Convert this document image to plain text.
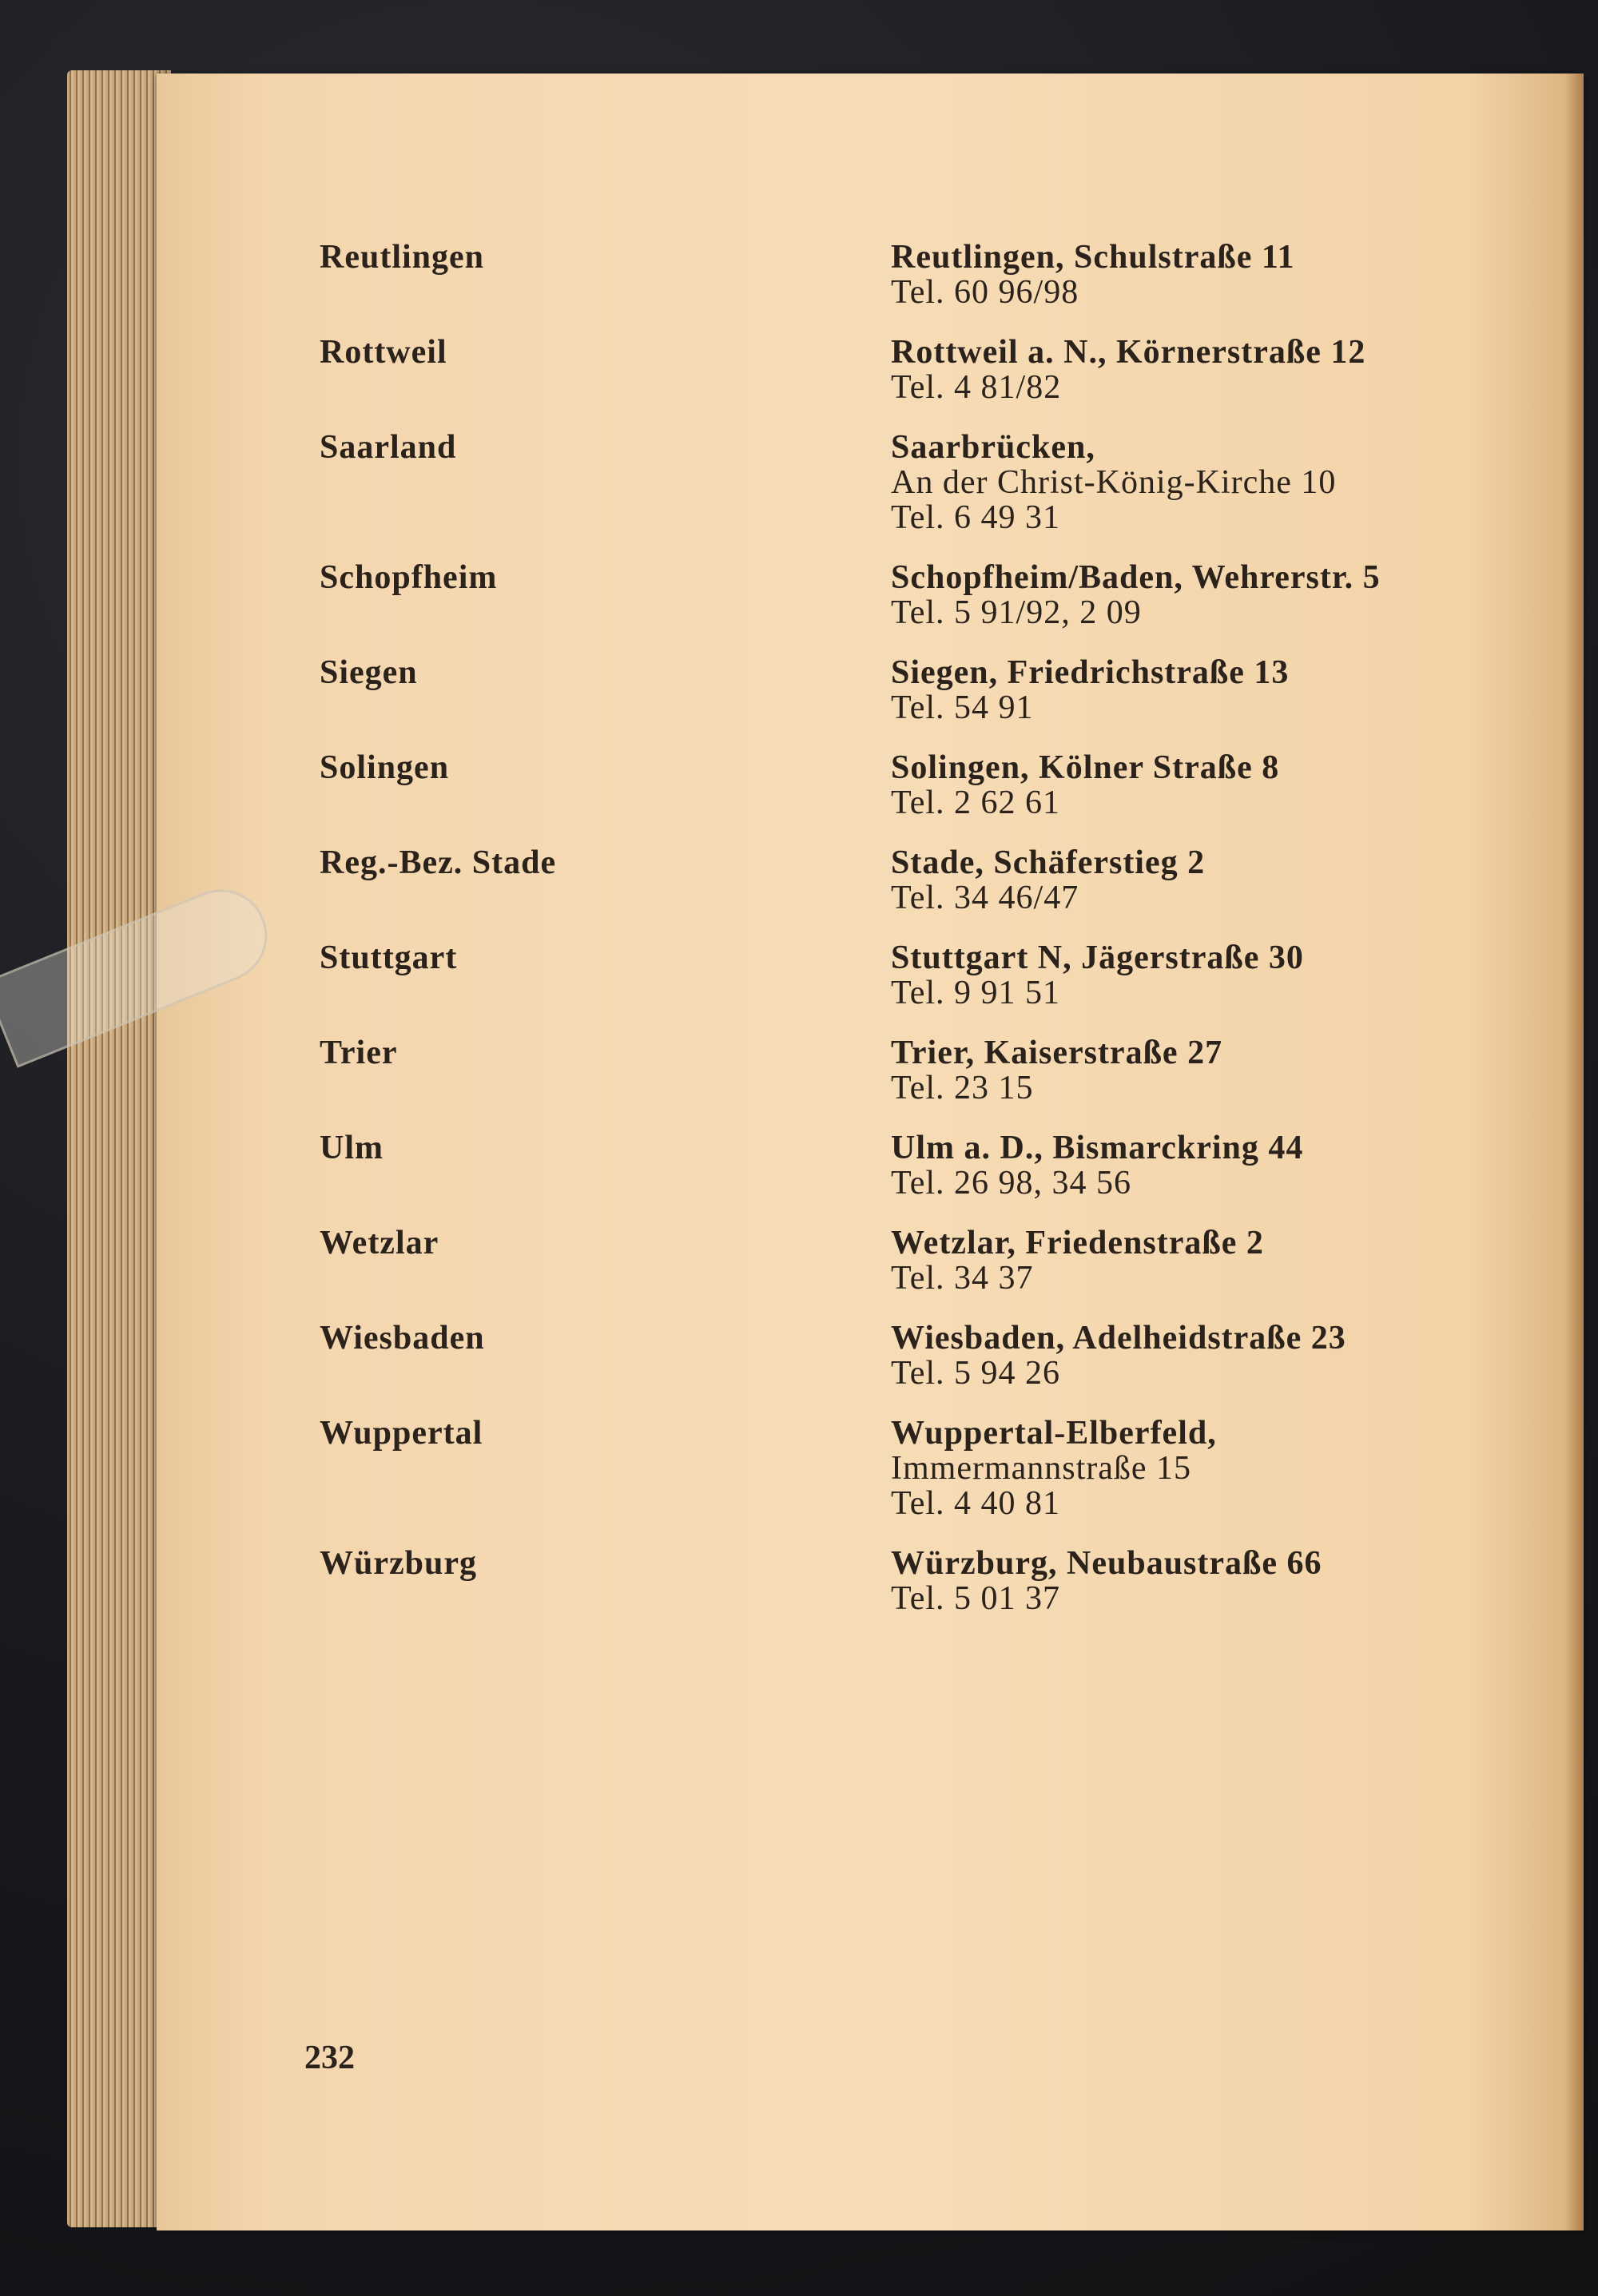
Reutlingen	Reutlingen, Schulstraße 11
Tel. 60 96/98
Rottweil	Rottweil a. N., Körnerstraße 12
Tel. 4 81/82
Saarland	Saarbrücken,
An der Christ-König-Kirche 10
Tel. 6 49 31
Schopfheim	Schopfheim/Baden, Wehrerstr. 5
Tel. 5 91/92, 2 09
Siegen	Siegen, Friedrichstraße 13
Tel. 54 91
Solingen	Solingen, Kölner Straße 8
Tel. 2 62 61
Reg.-Bez. Stade	Stade, Schäferstieg 2
Tel. 34 46/47
Stuttgart	Stuttgart N, Jägerstraße 30
Tel. 9 91 51
Trier	Trier, Kaiserstraße 27
Tel. 23 15
Ulm	Ulm a. D., Bismarckring 44
Tel. 26 98, 34 56
Wetzlar	Wetzlar, Friedenstraße 2
Tel. 34 37
Wiesbaden	Wiesbaden, Adelheidstraße 23
Tel. 5 94 26
Wuppertal	Wuppertal-Elberfeld,
Immermannstraße 15
Tel. 4 40 81
Würzburg	Würzburg, Neubaustraße 66
Tel. 5 01 37
232
